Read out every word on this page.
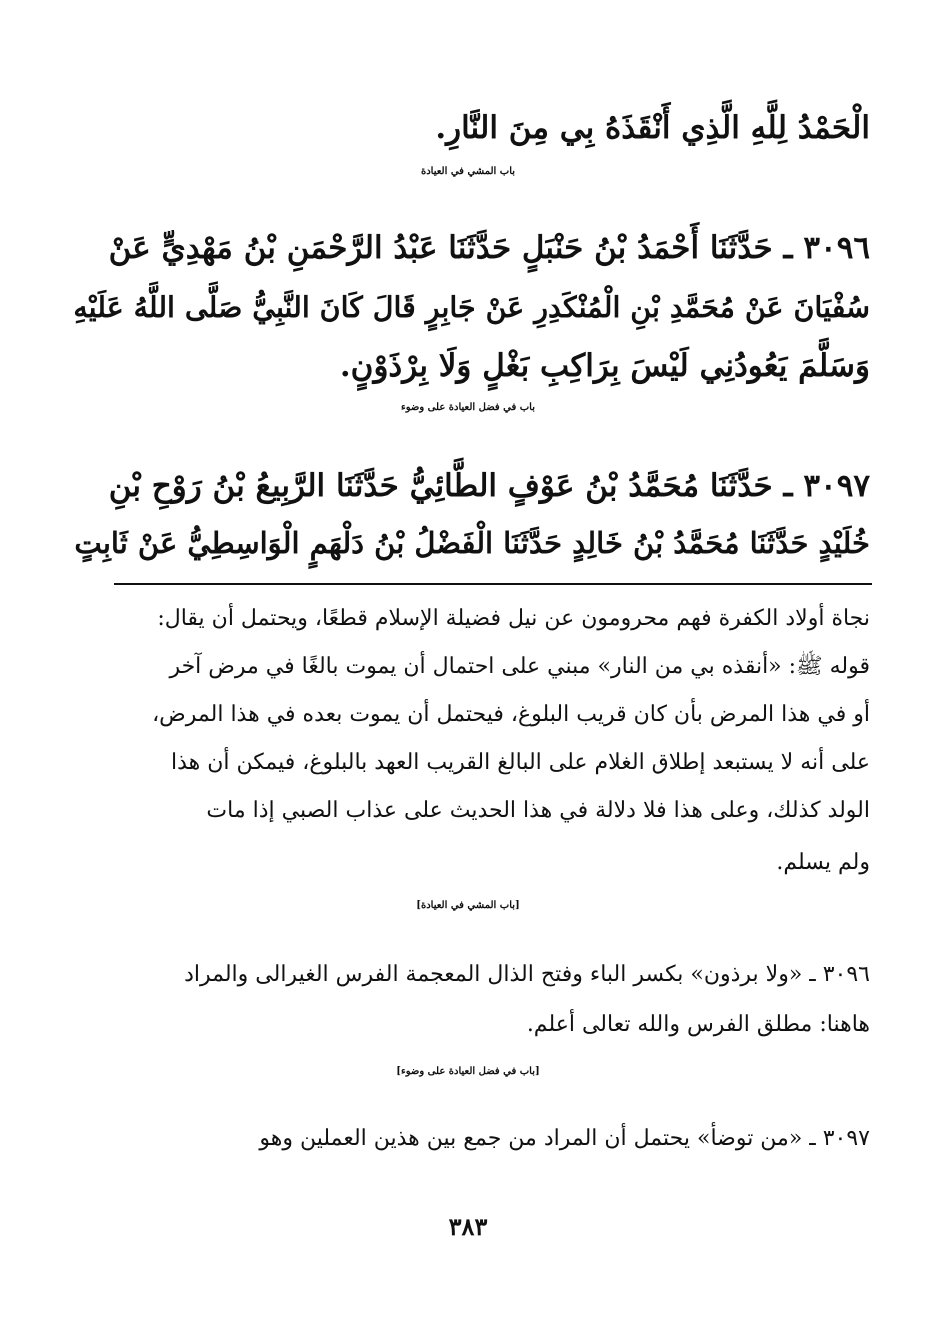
الْحَمْدُ لِلَّهِ الَّذِي أَنْقَذَهُ بِي مِنَ النَّارِ.
باب المشي في العيادة
٣٠٩٦ ـ حَدَّثَنَا أَحْمَدُ بْنُ حَنْبَلٍ حَدَّثَنَا عَبْدُ الرَّحْمَنِ بْنُ مَهْدِيٍّ عَنْ
سُفْيَانَ عَنْ مُحَمَّدِ بْنِ الْمُنْكَدِرِ عَنْ جَابِرٍ قَالَ كَانَ النَّبِيُّ صَلَّى اللَّهُ عَلَيْهِ
وَسَلَّمَ يَعُودُنِي لَيْسَ بِرَاكِبِ بَغْلٍ وَلَا بِرْذَوْنٍ.
باب في فضل العيادة على وضوء
٣٠٩٧ ـ حَدَّثَنَا مُحَمَّدُ بْنُ عَوْفٍ الطَّائِيُّ حَدَّثَنَا الرَّبِيعُ بْنُ رَوْحِ بْنِ
خُلَيْدٍ حَدَّثَنَا مُحَمَّدُ بْنُ خَالِدٍ حَدَّثَنَا الْفَضْلُ بْنُ دَلْهَمٍ الْوَاسِطِيُّ عَنْ ثَابِتٍ
نجاة أولاد الكفرة فهم محرومون عن نيل فضيلة الإسلام قطعًا، ويحتمل أن يقال:
قوله ﷺ: «أنقذه بي من النار» مبني على احتمال أن يموت بالغًا في مرض آخر
أو في هذا المرض بأن كان قريب البلوغ، فيحتمل أن يموت بعده في هذا المرض،
على أنه لا يستبعد إطلاق الغلام على البالغ القريب العهد بالبلوغ، فيمكن أن هذا
الولد كذلك، وعلى هذا فلا دلالة في هذا الحديث على عذاب الصبي إذا مات
ولم يسلم.
[باب المشي في العيادة]
٣٠٩٦ ـ «ولا برذون» بكسر الباء وفتح الذال المعجمة الفرس الغيرالى والمراد
هاهنا: مطلق الفرس والله تعالى أعلم.
[باب في فضل العيادة على وضوء]
٣٠٩٧ ـ «من توضأ» يحتمل أن المراد من جمع بين هذين العملين وهو
٣٨٣
